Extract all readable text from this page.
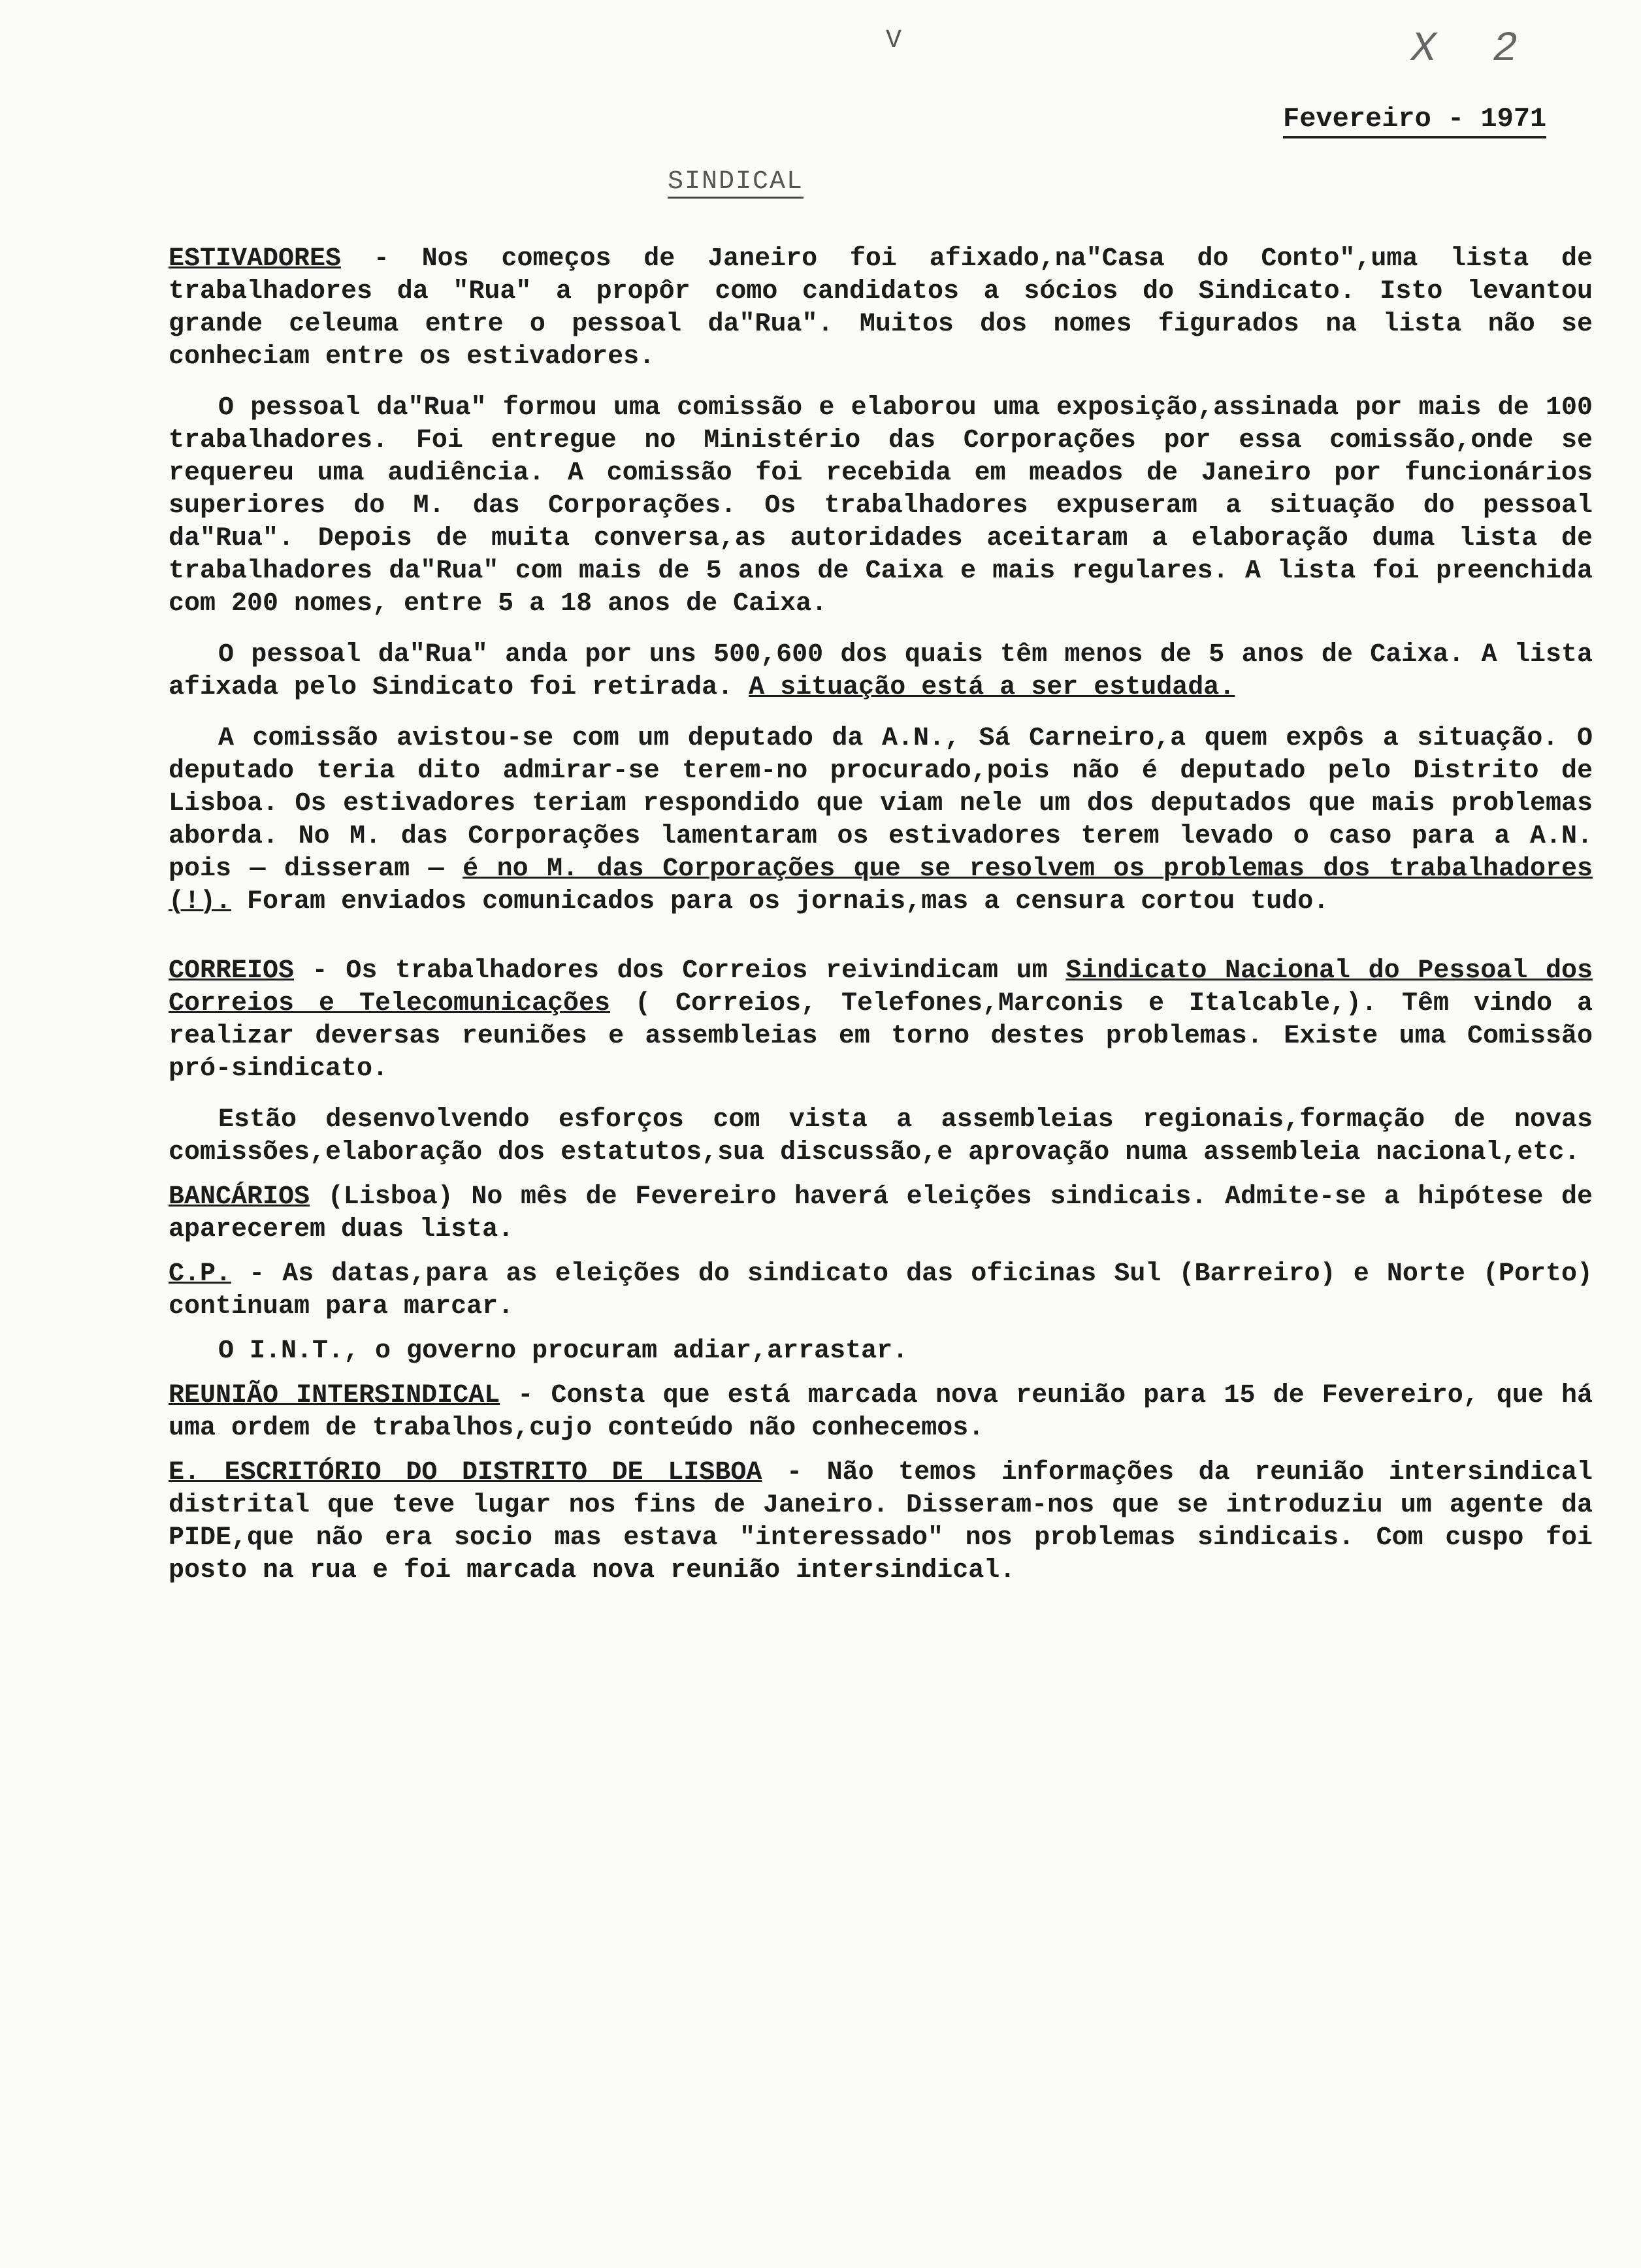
V	X 2
Fevereiro - 1971
SINDICAL

ESTIVADORES - Nos começos de Janeiro foi afixado,na"Casa do Conto",uma lista de trabalhadores da "Rua" a propôr como candidatos a sócios do Sindicato. Isto levantou grande celeuma entre o pessoal da"Rua". Muitos dos nomes figurados na lista não se conheciam entre os estivadores.

O pessoal da"Rua" formou uma comissão e elaborou uma exposição,assinada por mais de 100 trabalhadores. Foi entregue no Ministério das Corporações por essa comissão,onde se requereu uma audiência. A comissão foi recebida em meados de Janeiro por funcionários superiores do M. das Corporações. Os trabalhadores expuseram a situação do pessoal da"Rua". Depois de muita conversa,as autoridades aceitaram a elaboração duma lista de trabalhadores da"Rua" com mais de 5 anos de Caixa e mais regulares. A lista foi preenchida com 200 nomes, entre 5 a 18 anos de Caixa.

O pessoal da"Rua" anda por uns 500,600 dos quais têm menos de 5 anos de Caixa. A lista afixada pelo Sindicato foi retirada. A situação está a ser estudada.

A comissão avistou-se com um deputado da A.N., Sá Carneiro,a quem expôs a situação. O deputado teria dito admirar-se terem-no procurado,pois não é deputado pelo Distrito de Lisboa. Os estivadores teriam respondido que viam nele um dos deputados que mais problemas aborda. No M. das Corporações lamentaram os estivadores terem levado o caso para a A.N. pois — disseram — é no M. das Corporações que se resolvem os problemas dos trabalhadores (!). Foram enviados comunicados para os jornais,mas a censura cortou tudo.

CORREIOS - Os trabalhadores dos Correios reivindicam um Sindicato Nacional do Pessoal dos Correios e Telecomunicações ( Correios, Telefones,Marconis e Italcable,). Têm vindo a realizar deversas reuniões e assembleias em torno destes problemas. Existe uma Comissão pró-sindicato.

Estão desenvolvendo esforços com vista a assembleias regionais,formação de novas comissões,elaboração dos estatutos,sua discussão,e aprovação numa assembleia nacional,etc.

BANCÁRIOS (Lisboa) No mês de Fevereiro haverá eleições sindicais. Admite-se a hipótese de aparecerem duas lista.

C.P. - As datas,para as eleições do sindicato das oficinas Sul (Barreiro) e Norte (Porto) continuam para marcar.

O I.N.T., o governo procuram adiar,arrastar.

REUNIÃO INTERSINDICAL - Consta que está marcada nova reunião para 15 de Fevereiro, que há uma ordem de trabalhos,cujo conteúdo não conhecemos.

E. ESCRITÓRIO DO DISTRITO DE LISBOA - Não temos informações da reunião intersindical distrital que teve lugar nos fins de Janeiro. Disseram-nos que se introduziu um agente da PIDE,que não era socio mas estava "interessado" nos problemas sindicais. Com cuspo foi posto na rua e foi marcada nova reunião intersindical.
